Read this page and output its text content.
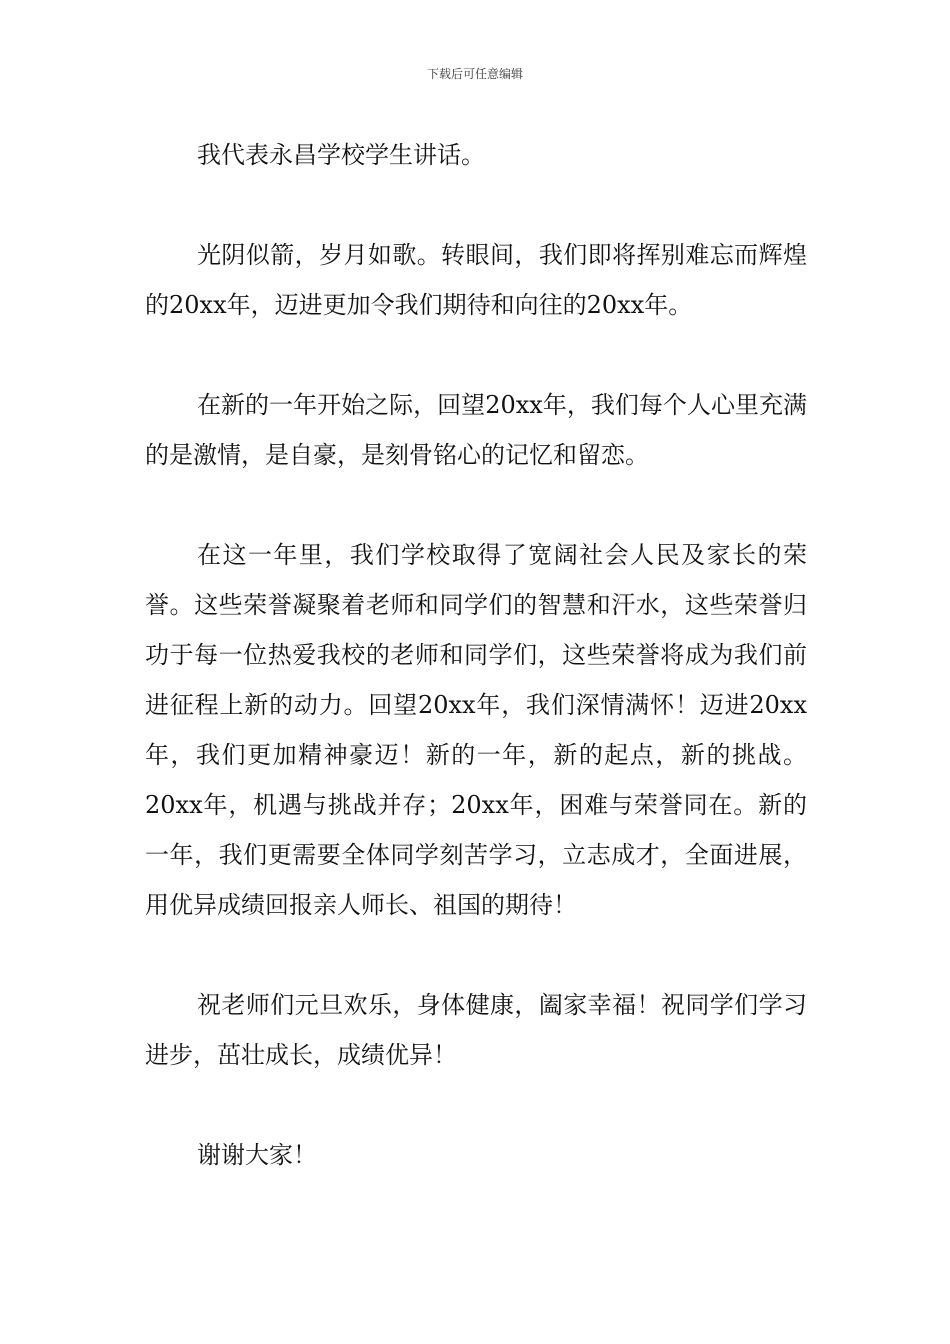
下载后可任意编辑

我代表永昌学校学生讲话。

光阴似箭，岁月如歌。转眼间，我们即将挥别难忘而辉煌的20xx年，迈进更加令我们期待和向往的20xx年。

在新的一年开始之际，回望20xx年，我们每个人心里充满的是激情，是自豪，是刻骨铭心的记忆和留恋。

在这一年里，我们学校取得了宽阔社会人民及家长的荣誉。这些荣誉凝聚着老师和同学们的智慧和汗水，这些荣誉归功于每一位热爱我校的老师和同学们，这些荣誉将成为我们前进征程上新的动力。回望20xx年，我们深情满怀！迈进20xx年，我们更加精神豪迈！新的一年，新的起点，新的挑战。20xx年，机遇与挑战并存；20xx年，困难与荣誉同在。新的一年，我们更需要全体同学刻苦学习，立志成才，全面进展，用优异成绩回报亲人师长、祖国的期待！

祝老师们元旦欢乐，身体健康，阖家幸福！祝同学们学习进步，茁壮成长，成绩优异！

谢谢大家！
